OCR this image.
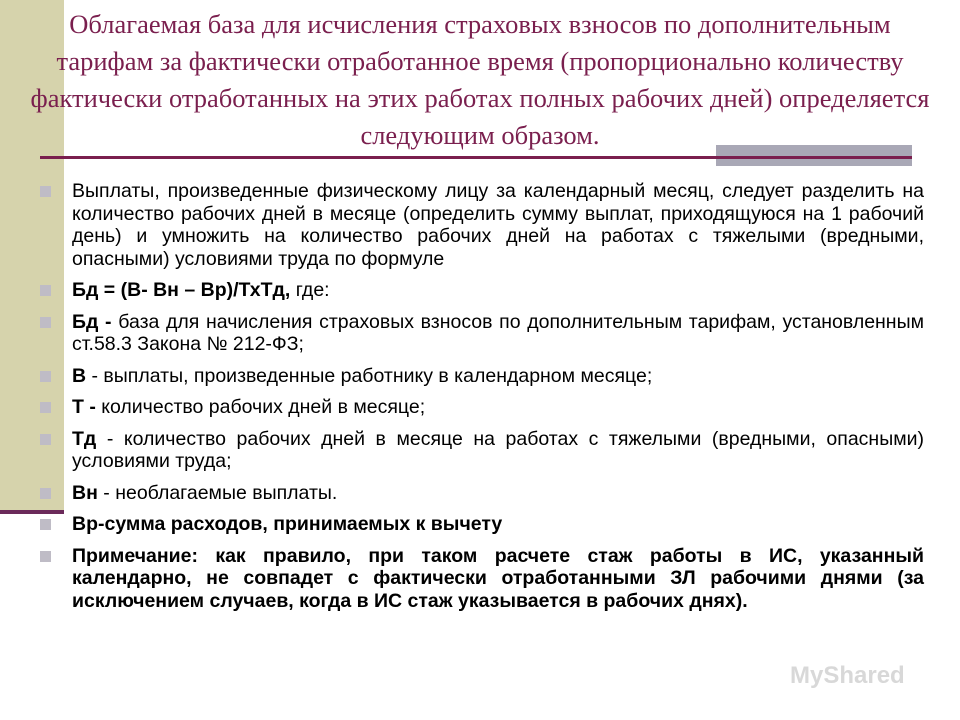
Облагаемая база для исчисления страховых взносов по дополнительным тарифам за фактически отработанное время (пропорционально количеству фактически отработанных на этих работах полных рабочих дней) определяется следующим образом.
Выплаты, произведенные физическому лицу за календарный месяц, следует разделить на количество рабочих дней в месяце (определить сумму выплат, приходящуюся на 1 рабочий день) и умножить на количество рабочих дней на работах с тяжелыми (вредными, опасными) условиями труда по формуле
Бд = (В- Вн – Вр)/ТхТд, где:
Бд - база для начисления страховых взносов по дополнительным тарифам, установленным ст.58.3 Закона № 212-ФЗ;
В - выплаты, произведенные работнику в календарном месяце;
Т - количество рабочих дней в месяце;
Тд - количество рабочих дней в месяце на работах с тяжелыми (вредными, опасными) условиями труда;
Вн - необлагаемые выплаты.
Вр-сумма расходов, принимаемых к вычету
Примечание: как правило, при таком расчете стаж работы в ИС, указанный календарно, не совпадет с фактически отработанными ЗЛ рабочими днями (за исключением случаев, когда в ИС стаж указывается в рабочих днях).
MyShared
